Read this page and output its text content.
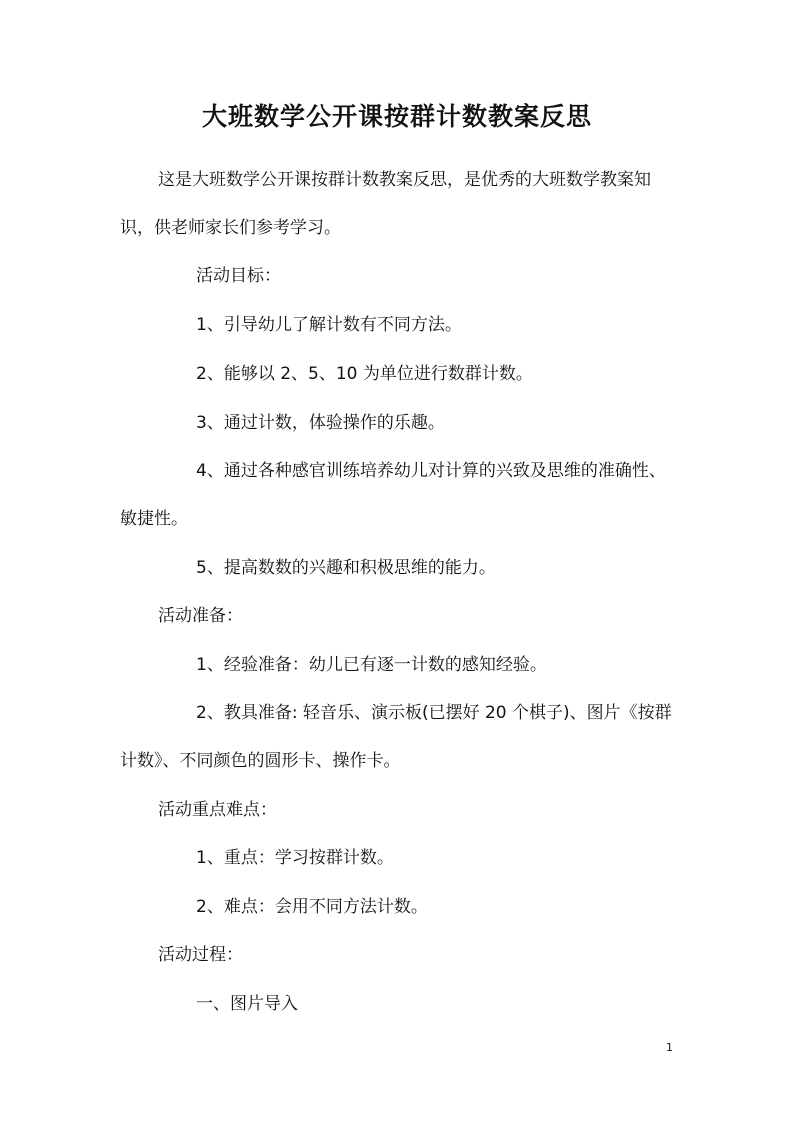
大班数学公开课按群计数教案反思
这是大班数学公开课按群计数教案反思，是优秀的大班数学教案知识，供老师家长们参考学习。
活动目标：
1、引导幼儿了解计数有不同方法。
2、能够以 2、5、10 为单位进行数群计数。
3、通过计数，体验操作的乐趣。
4、通过各种感官训练培养幼儿对计算的兴致及思维的准确性、敏捷性。
5、提高数数的兴趣和积极思维的能力。
活动准备：
1、经验准备：幼儿已有逐一计数的感知经验。
2、教具准备: 轻音乐、演示板(已摆好 20 个棋子)、图片《按群计数》、不同颜色的圆形卡、操作卡。
活动重点难点：
1、重点：学习按群计数。
2、难点：会用不同方法计数。
活动过程：
一、图片导入
1
